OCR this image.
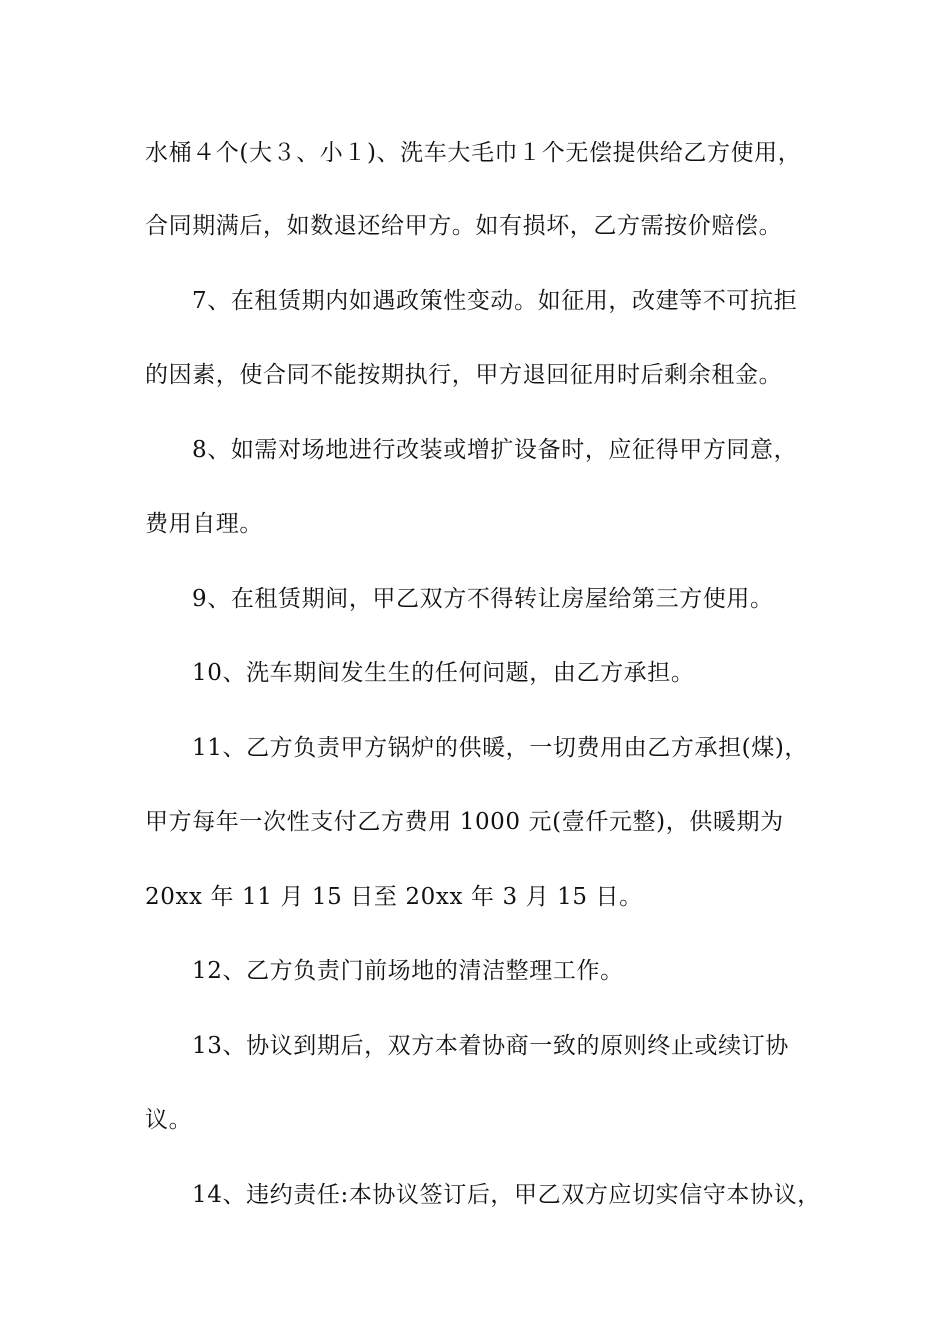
水桶４个(大３、小１)、洗车大毛巾１个无偿提供给乙方使用，
合同期满后，如数退还给甲方。如有损坏，乙方需按价赔偿。
7、在租赁期内如遇政策性变动。如征用，改建等不可抗拒
的因素，使合同不能按期执行，甲方退回征用时后剩余租金。
8、如需对场地进行改装或增扩设备时，应征得甲方同意，
费用自理。
9、在租赁期间，甲乙双方不得转让房屋给第三方使用。
10、洗车期间发生生的任何问题，由乙方承担。
11、乙方负责甲方锅炉的供暖，一切费用由乙方承担(煤)，
甲方每年一次性支付乙方费用 1000 元(壹仟元整)，供暖期为
20xx 年 11 月 15 日至 20xx 年 3 月 15 日。
12、乙方负责门前场地的清洁整理工作。
13、协议到期后，双方本着协商一致的原则终止或续订协
议。
14、违约责任:本协议签订后，甲乙双方应切实信守本协议，
